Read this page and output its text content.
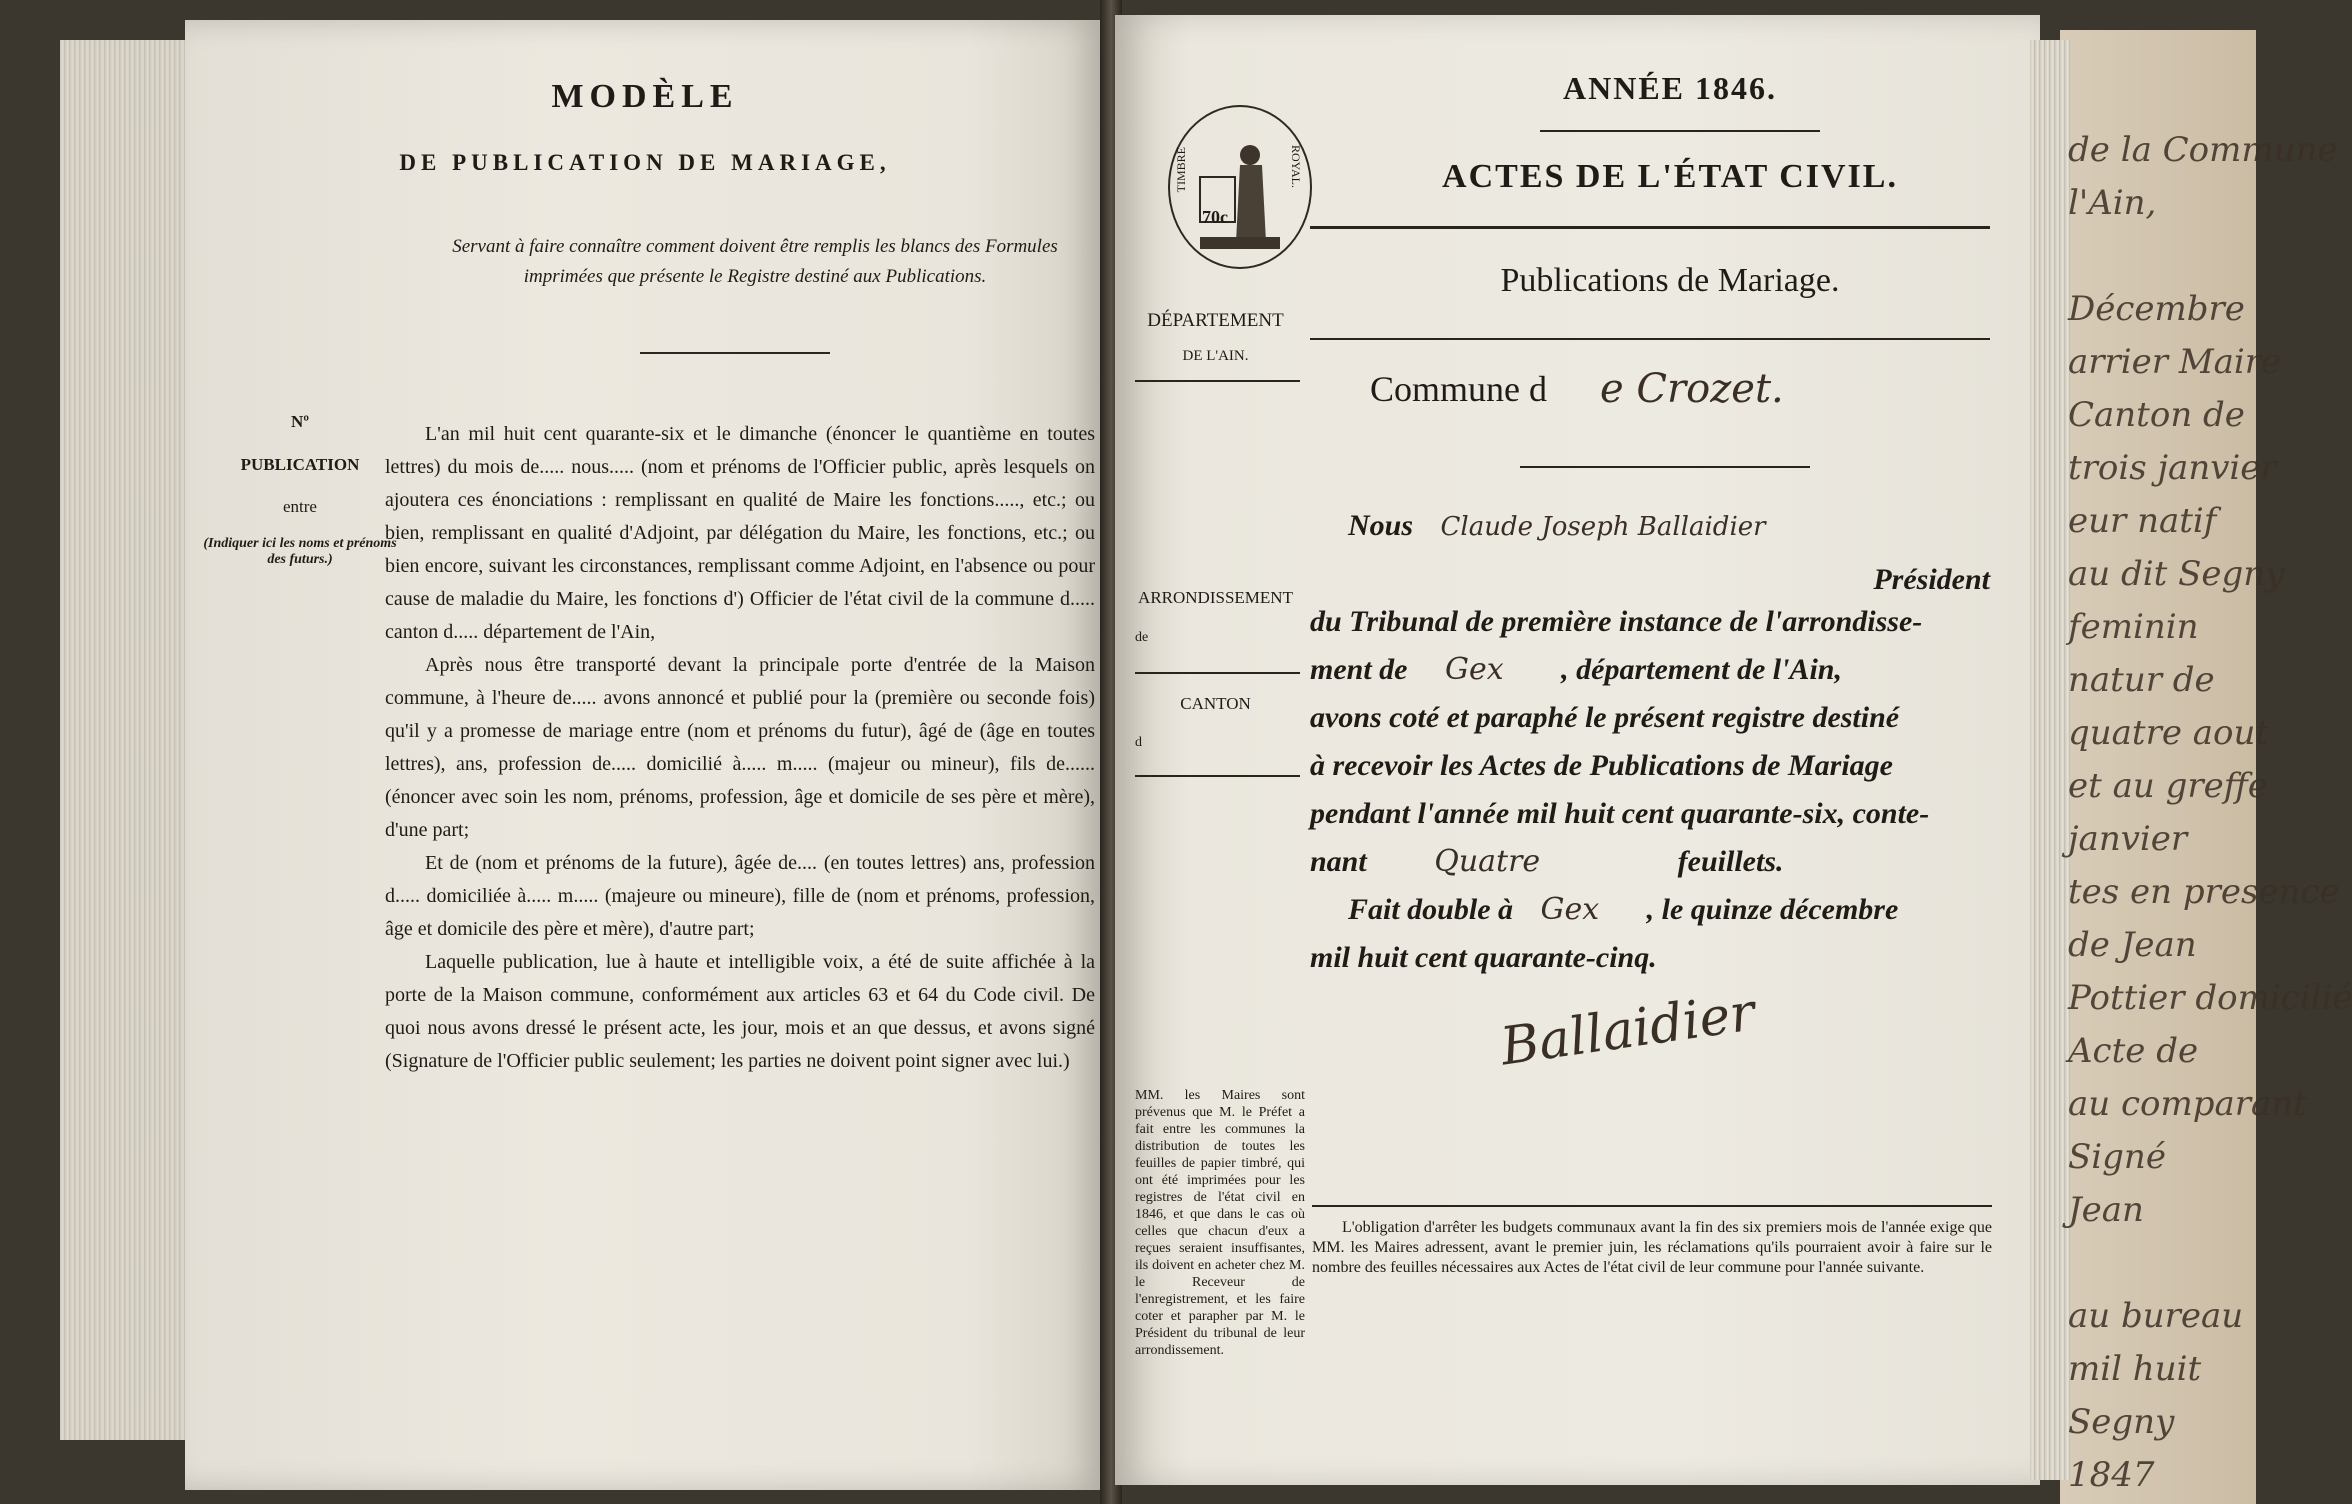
de la Commune
l'Ain,
Décembre
arrier Maire
Canton de
trois janvier
eur natif
au dit Segny
feminin
natur de
quatre aout
et au greffe
janvier
tes en presence
de Jean
Pottier domicilié
Acte de
au comparant
Signé
Jean
au bureau
mil huit
Segny
1847
MODÈLE
DE PUBLICATION DE MARIAGE,
Servant à faire connaître comment doivent être remplis les blancs des Formules imprimées que présente le Registre destiné aux Publications.
Nº
PUBLICATION
entre
(Indiquer ici les noms et prénoms des futurs.)

L'an mil huit cent quarante-six et le dimanche (énoncer le quantième en toutes lettres) du mois de..... nous..... (nom et prénoms de l'Officier public, après lesquels on ajoutera ces énonciations : remplissant en qualité de Maire les fonctions....., etc.; ou bien, remplissant en qualité d'Adjoint, par délégation du Maire, les fonctions, etc.; ou bien encore, suivant les circonstances, remplissant comme Adjoint, en l'absence ou pour cause de maladie du Maire, les fonctions d') Officier de l'état civil de la commune d..... canton d..... département de l'Ain,

Après nous être transporté devant la principale porte d'entrée de la Maison commune, à l'heure de..... avons annoncé et publié pour la (première ou seconde fois) qu'il y a promesse de mariage entre (nom et prénoms du futur), âgé de (âge en toutes lettres), ans, profession de..... domicilié à..... m..... (majeur ou mineur), fils de...... (énoncer avec soin les nom, prénoms, profession, âge et domicile de ses père et mère), d'une part;

Et de (nom et prénoms de la future), âgée de.... (en toutes lettres) ans, profession d..... domiciliée à..... m..... (majeure ou mineure), fille de (nom et prénoms, profession, âge et domicile des père et mère), d'autre part;

Laquelle publication, lue à haute et intelligible voix, a été de suite affichée à la porte de la Maison commune, conformément aux articles 63 et 64 du Code civil. De quoi nous avons dressé le présent acte, les jour, mois et an que dessus, et avons signé (Signature de l'Officier public seulement; les parties ne doivent point signer avec lui.)

TIMBRE	ROYAL.
70c
ANNÉE 1846.
ACTES DE L'ÉTAT CIVIL.
Publications de Mariage.
DÉPARTEMENT
DE L'AIN.
ARRONDISSEMENT
de
CANTON
d
MM. les Maires sont prévenus que M. le Préfet a fait entre les communes la distribution de toutes les feuilles de papier timbré, qui ont été imprimées pour les registres de l'état civil en 1846, et que dans le cas où celles que chacun d'eux a reçues seraient insuffisantes, ils doivent en acheter chez M. le Receveur de l'enregistrement, et les faire coter et parapher par M. le Président du tribunal de leur arrondissement.
Commune d e Crozet.
Nous Claude Joseph Ballaidier
Président
du Tribunal de première instance de l'arrondisse-
ment de Gex , département de l'Ain,
avons coté et paraphé le présent registre destiné
à recevoir les Actes de Publications de Mariage
pendant l'année mil huit cent quarante-six, conte-
nant Quatre	feuillets.
Fait double à Gex , le quinze décembre
mil huit cent quarante-cinq.
Ballaidier
L'obligation d'arrêter les budgets communaux avant la fin des six premiers mois de l'année exige que MM. les Maires adressent, avant le premier juin, les réclamations qu'ils pourraient avoir à faire sur le nombre des feuilles nécessaires aux Actes de l'état civil de leur commune pour l'année suivante.
